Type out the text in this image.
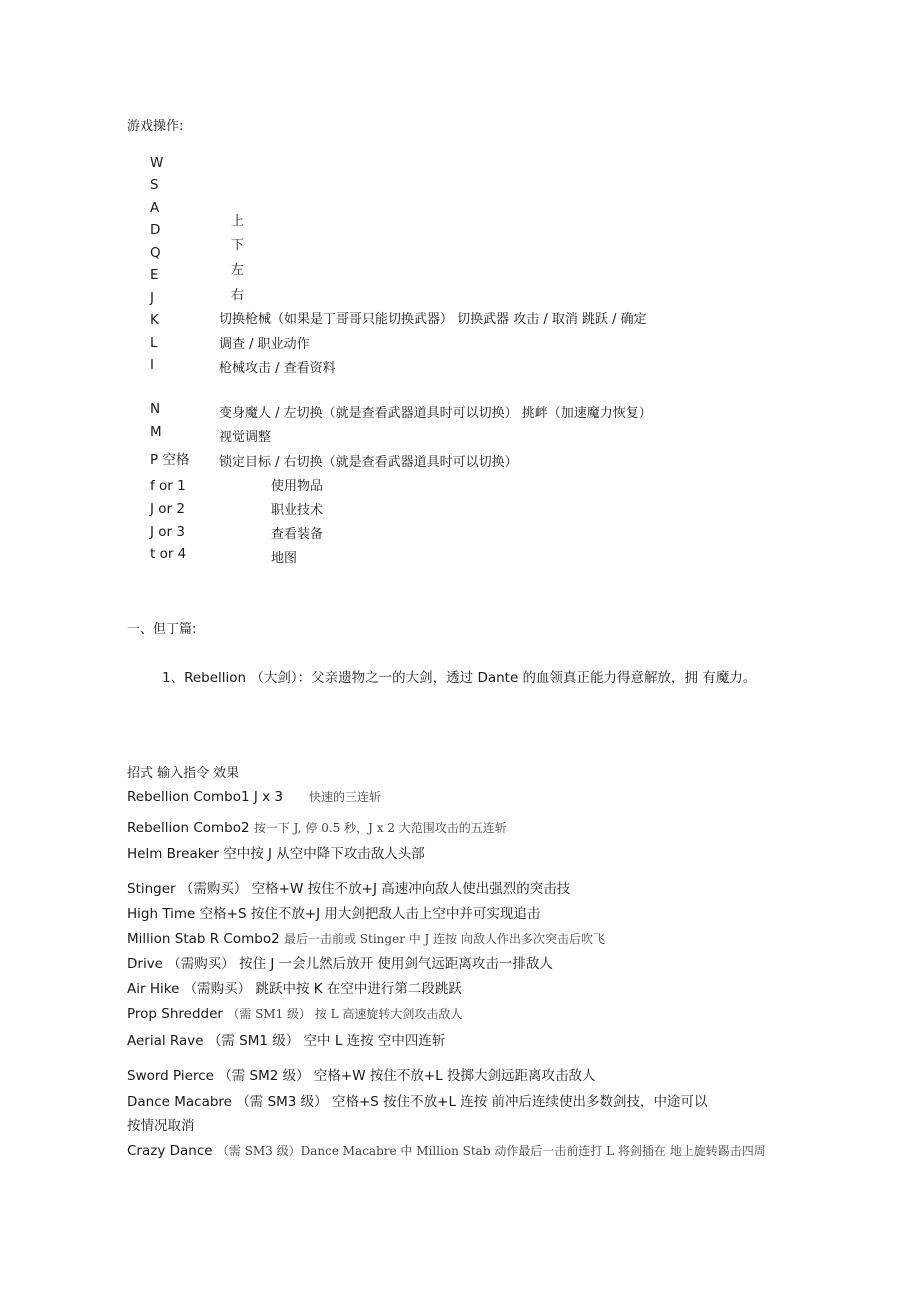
游戏操作:
W
S
A
D
Q
E
J
K
L
I
N
M
P 空格
f or 1
J or 2
J or 3
t or 4
上
下
左
右
切换枪械（如果是丁哥哥只能切换武器） 切换武器 攻击 / 取消 跳跃 / 确定
调查 / 职业动作
枪械攻击 / 查看资料
变身魔人 / 左切换（就是查看武器道具时可以切换） 挑衅（加速魔力恢复）
视觉调整
锁定目标 / 右切换（就是查看武器道具时可以切换）
使用物品
职业技术
查看装备
地图
一、但丁篇:
1、Rebellion （大剑）：父亲遗物之一的大剑，透过 Dante 的血领真正能力得意解放，拥 有魔力。
招式 输入指令 效果
Rebellion Combo1 J x 3 快速的三连斩
Rebellion Combo2 按一下 J, 停 0.5 秒，J x 2 大范围攻击的五连斩
Helm Breaker 空中按 J 从空中降下攻击敌人头部
Stinger （需购买） 空格+W 按住不放+J 高速冲向敌人使出强烈的突击技
High Time 空格+S 按住不放+J 用大剑把敌人击上空中并可实现追击
Million Stab R Combo2 最后一击前或 Stinger 中 J 连按 向敌人作出多次突击后吹飞
Drive （需购买） 按住 J 一会儿然后放开 使用剑气远距离攻击一排敌人
Air Hike （需购买） 跳跃中按 K 在空中进行第二段跳跃
Prop Shredder （需 SM1 级） 按 L 高速旋转大剑攻击敌人
Aerial Rave （需 SM1 级） 空中 L 连按 空中四连斩
Sword Pierce （需 SM2 级） 空格+W 按住不放+L 投掷大剑远距离攻击敌人
Dance Macabre （需 SM3 级） 空格+S 按住不放+L 连按 前冲后连续使出多数剑技，中途可以
按情况取消
Crazy Dance （需 SM3 级）Dance Macabre 中 Million Stab 动作最后一击前连打 L 将剑插在 地上旋转踢击四周
